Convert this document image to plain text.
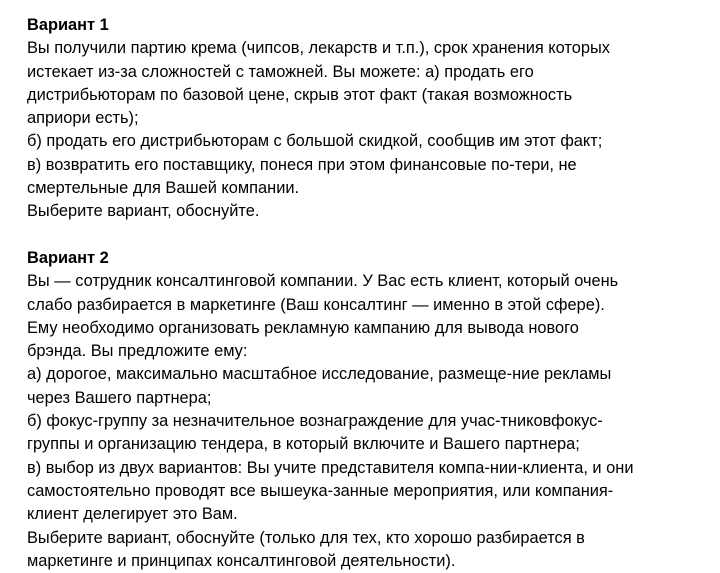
Вариант 1
Вы получили партию крема (чипсов, лекарств и т.п.), срок хранения которых
истекает из-за сложностей с таможней. Вы можете: а) продать его
дистрибьюторам по базовой цене, скрыв этот факт (такая возможность
априори есть);
б) продать его дистрибьюторам с большой скидкой, сообщив им этот факт;
в) возвратить его поставщику, понеся при этом финансовые по-тери, не
смертельные для Вашей компании.
Выберите вариант, обоснуйте.
Вариант 2
Вы — сотрудник консалтинговой компании. У Вас есть клиент, который очень
слабо разбирается в маркетинге (Ваш консалтинг — именно в этой сфере).
Ему необходимо организовать рекламную кампанию для вывода нового
брэнда. Вы предложите ему:
а) дорогое, максимально масштабное исследование, размеще-ние рекламы
через Вашего партнера;
б) фокус-группу за незначительное вознаграждение для учас-тниковфокус-
группы и организацию тендера, в который включите и Вашего партнера;
в) выбор из двух вариантов: Вы учите представителя компа-нии-клиента, и они
самостоятельно проводят все вышеука-занные мероприятия, или компания-
клиент делегирует это Вам.
Выберите вариант, обоснуйте (только для тех, кто хорошо разбирается в
маркетинге и принципах консалтинговой деятельности).
